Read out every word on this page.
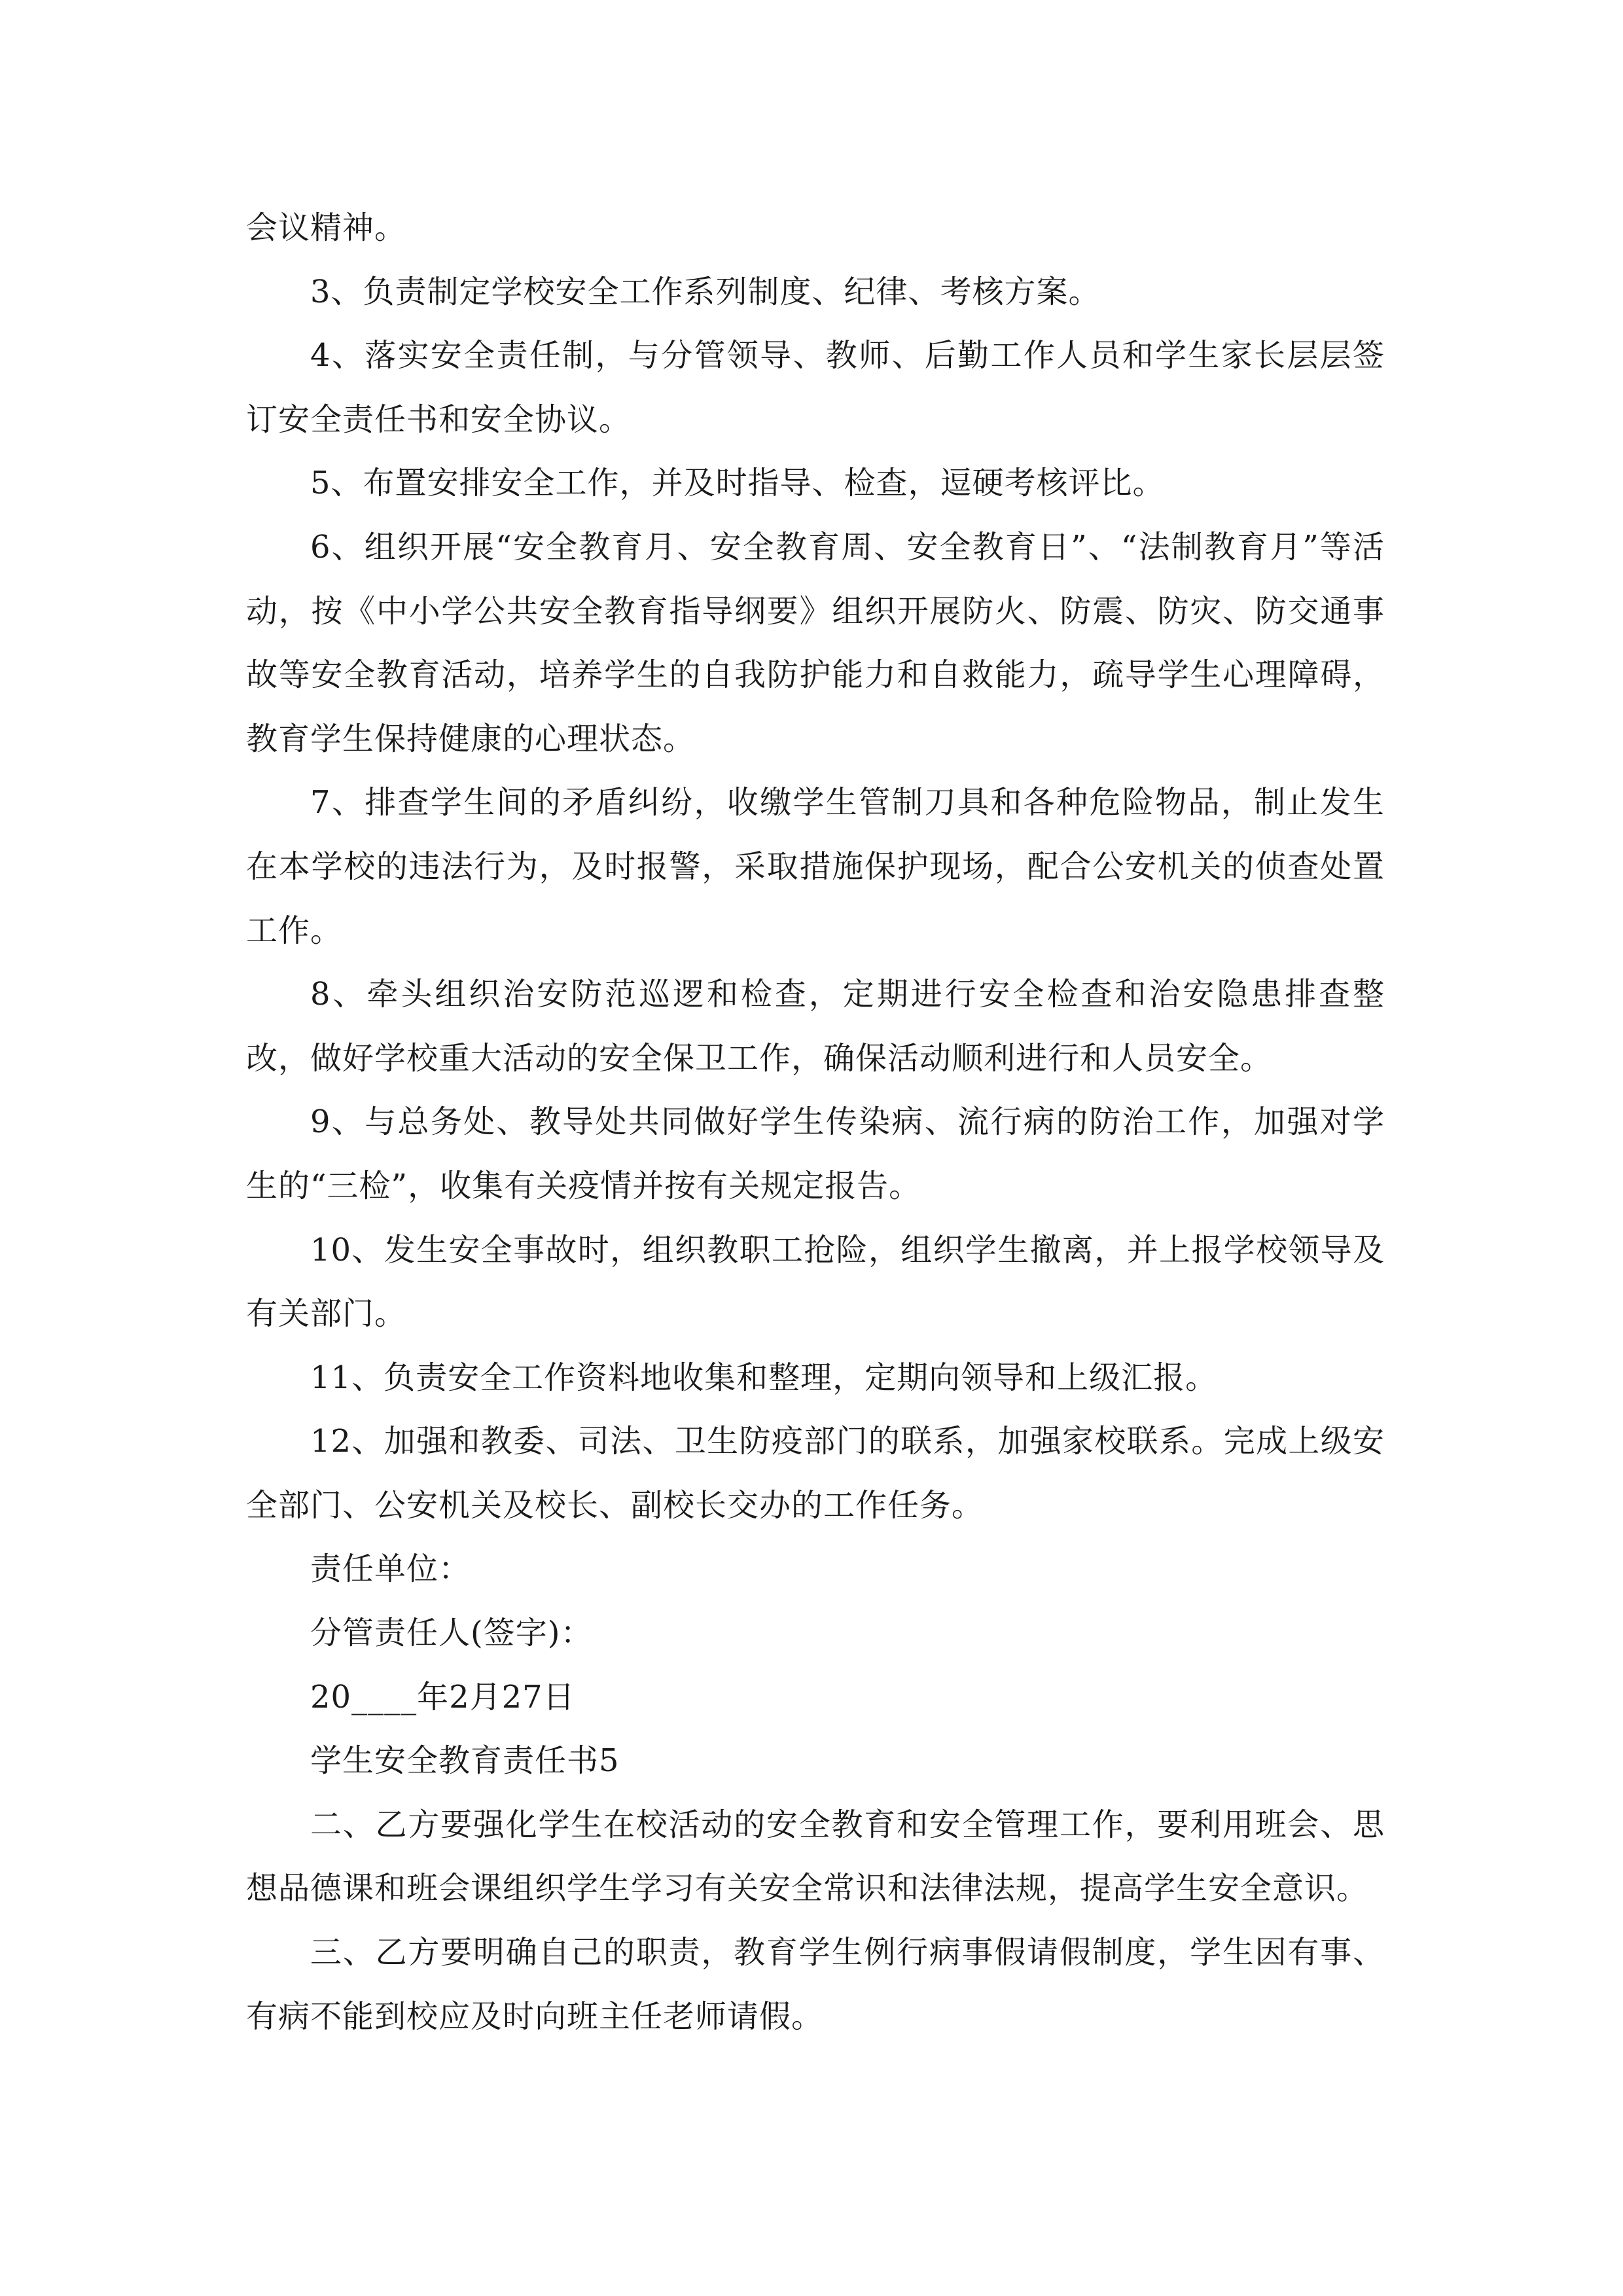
会议精神。

3、负责制定学校安全工作系列制度、纪律、考核方案。

4、落实安全责任制，与分管领导、教师、后勤工作人员和学生家长层层签订安全责任书和安全协议。

5、布置安排安全工作，并及时指导、检查，逗硬考核评比。

6、组织开展“安全教育月、安全教育周、安全教育日”、“法制教育月”等活动，按《中小学公共安全教育指导纲要》组织开展防火、防震、防灾、防交通事故等安全教育活动，培养学生的自我防护能力和自救能力，疏导学生心理障碍，教育学生保持健康的心理状态。

7、排查学生间的矛盾纠纷，收缴学生管制刀具和各种危险物品，制止发生在本学校的违法行为，及时报警，采取措施保护现场，配合公安机关的侦查处置工作。

8、牵头组织治安防范巡逻和检查，定期进行安全检查和治安隐患排查整改，做好学校重大活动的安全保卫工作，确保活动顺利进行和人员安全。

9、与总务处、教导处共同做好学生传染病、流行病的防治工作，加强对学生的“三检”，收集有关疫情并按有关规定报告。

10、发生安全事故时，组织教职工抢险，组织学生撤离，并上报学校领导及有关部门。

11、负责安全工作资料地收集和整理，定期向领导和上级汇报。

12、加强和教委、司法、卫生防疫部门的联系，加强家校联系。完成上级安全部门、公安机关及校长、副校长交办的工作任务。

责任单位：

分管责任人(签字)：

20____年2月27日

学生安全教育责任书5

二、乙方要强化学生在校活动的安全教育和安全管理工作，要利用班会、思想品德课和班会课组织学生学习有关安全常识和法律法规，提高学生安全意识。

三、乙方要明确自己的职责，教育学生例行病事假请假制度，学生因有事、有病不能到校应及时向班主任老师请假。
